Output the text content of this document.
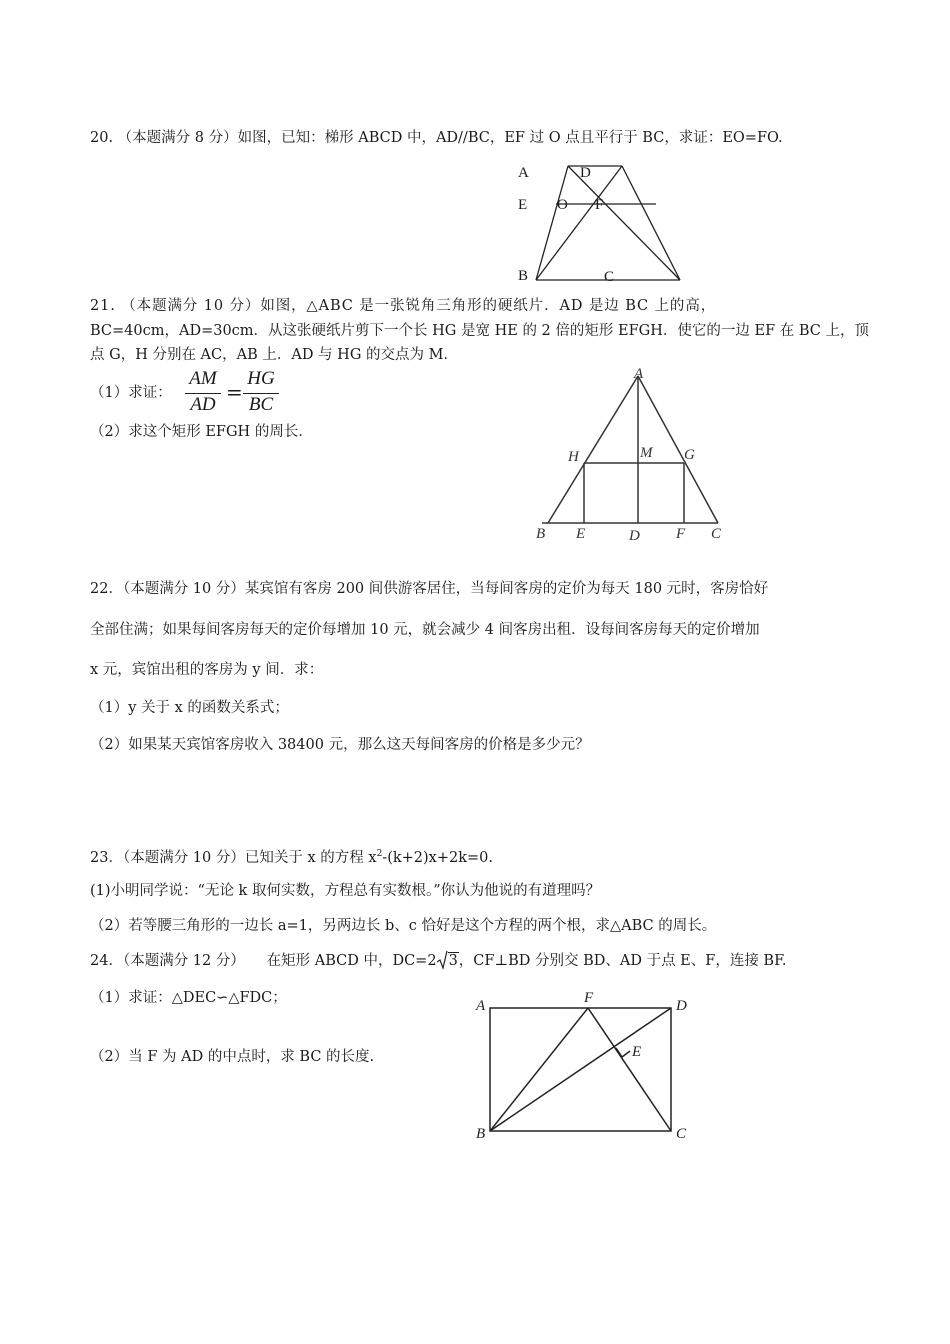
20. （本题满分 8 分）如图，已知：梯形 ABCD 中，AD//BC，EF 过 O 点且平行于 BC，求证：EO=FO.
A	D
E O F
B	C
21. （本题满分 10 分）如图，△ABC 是一张锐角三角形的硬纸片．AD 是边 BC 上的高，
BC=40cm，AD=30cm．从这张硬纸片剪下一个长 HG 是宽 HE 的 2 倍的矩形 EFGH．使它的一边 EF 在 BC 上，顶
点 G，H 分别在 AC，AB 上．AD 与 HG 的交点为 M．
（1）求证：
AM
AD
=
HG
BC
（2）求这个矩形 EFGH 的周长．
A
H	M G
B E	D F C
22．（本题满分 10 分）某宾馆有客房 200 间供游客居住，当每间客房的定价为每天 180 元时，客房恰好
全部住满；如果每间客房每天的定价每增加 10 元，就会减少 4 间客房出租．设每间客房每天的定价增加
x 元，宾馆出租的客房为 y 间．求：
（1）y 关于 x 的函数关系式；
（2）如果某天宾馆客房收入 38400 元，那么这天每间客房的价格是多少元？
23．（本题满分 10 分）已知关于 x 的方程 $x^2-(k+2)x+2k=0$.
(1)小明同学说：“无论 k 取何实数，方程总有实数根。”你认为他说的有道理吗？
（2）若等腰三角形的一边长 a=1，另两边长 b、c 恰好是这个方程的两个根，求△ABC 的周长。
24．（本题满分 12 分）　　在矩形 ABCD 中，DC=2 3，CF⊥BD 分别交 BD、AD 于点 E、F，连接 BF.
（1）求证：△DEC∽△FDC；
（2）当 F 为 AD 的中点时，求 BC 的长度.
A	F	D
E
B	C
